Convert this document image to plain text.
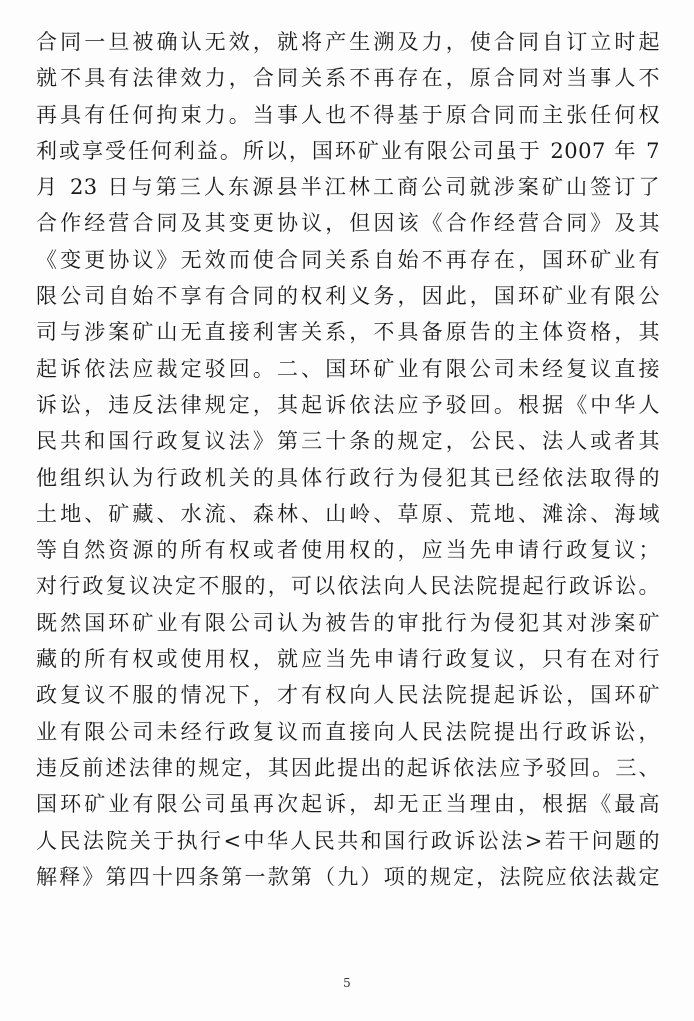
合同一旦被确认无效，就将产生溯及力，使合同自订立时起
就不具有法律效力，合同关系不再存在，原合同对当事人不
再具有任何拘束力。当事人也不得基于原合同而主张任何权
利或享受任何利益。所以，国环矿业有限公司虽于 2007 年 7
月 23 日与第三人东源县半江林工商公司就涉案矿山签订了
合作经营合同及其变更协议，但因该《合作经营合同》及其
《变更协议》无效而使合同关系自始不再存在，国环矿业有
限公司自始不享有合同的权利义务，因此，国环矿业有限公
司与涉案矿山无直接利害关系，不具备原告的主体资格，其
起诉依法应裁定驳回。二、国环矿业有限公司未经复议直接
诉讼，违反法律规定，其起诉依法应予驳回。根据《中华人
民共和国行政复议法》第三十条的规定，公民、法人或者其
他组织认为行政机关的具体行政行为侵犯其已经依法取得的
土地、矿藏、水流、森林、山岭、草原、荒地、滩涂、海域
等自然资源的所有权或者使用权的，应当先申请行政复议；
对行政复议决定不服的，可以依法向人民法院提起行政诉讼。
既然国环矿业有限公司认为被告的审批行为侵犯其对涉案矿
藏的所有权或使用权，就应当先申请行政复议，只有在对行
政复议不服的情况下，才有权向人民法院提起诉讼，国环矿
业有限公司未经行政复议而直接向人民法院提出行政诉讼，
违反前述法律的规定，其因此提出的起诉依法应予驳回。三、
国环矿业有限公司虽再次起诉，却无正当理由，根据《最高
人民法院关于执行<中华人民共和国行政诉讼法>若干问题的
解释》第四十四条第一款第（九）项的规定，法院应依法裁定
5
